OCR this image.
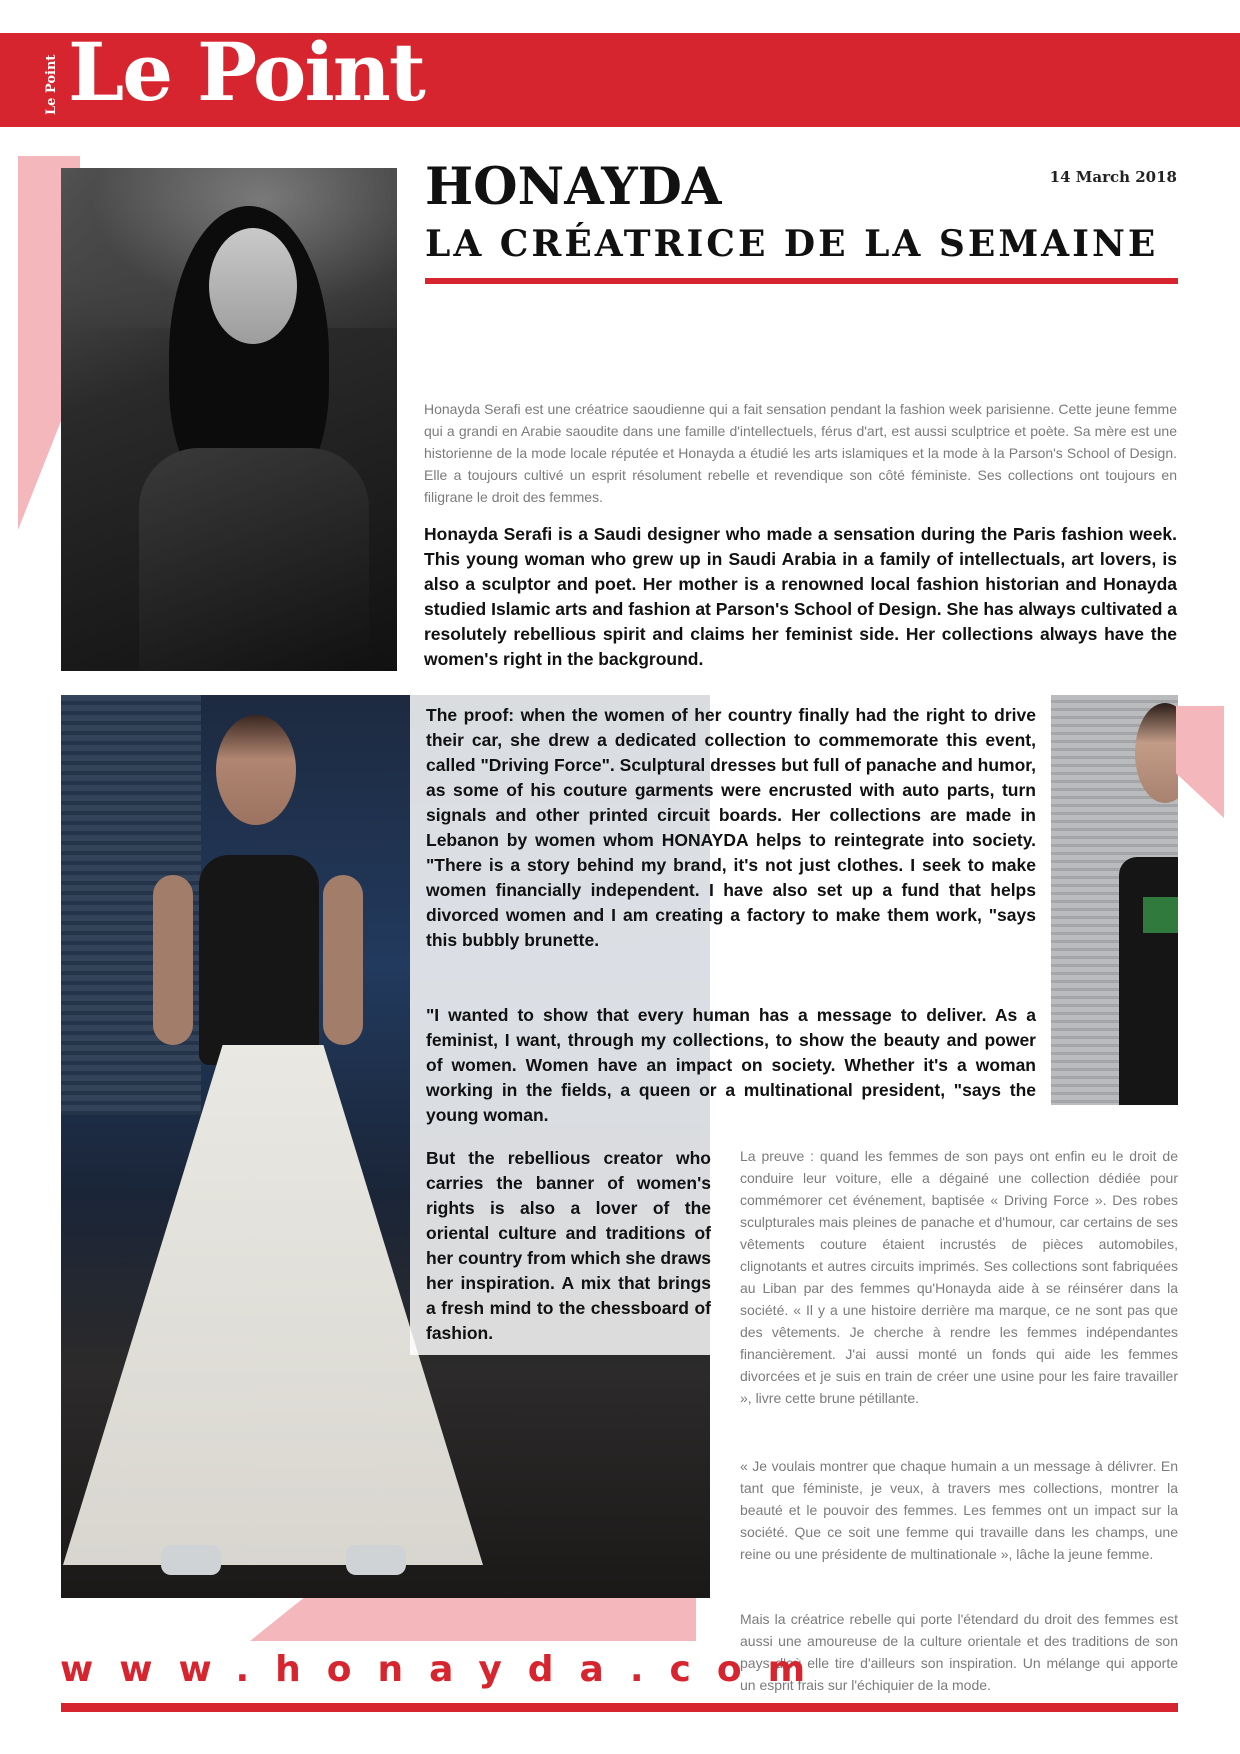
Le Point Le Point
HONAYDA
LA CRÉATRICE DE LA SEMAINE
14 March 2018

Honayda Serafi est une créatrice saoudienne qui a fait sensation pendant la fashion week parisienne. Cette jeune femme qui a grandi en Arabie saoudite dans une famille d'intellectuels, férus d'art, est aussi sculptrice et poète. Sa mère est une historienne de la mode locale réputée et Honayda a étudié les arts islamiques et la mode à la Parson's School of Design. Elle a toujours cultivé un esprit résolument rebelle et revendique son côté féministe. Ses collections ont toujours en filigrane le droit des femmes.

Honayda Serafi is a Saudi designer who made a sensation during the Paris fashion week. This young woman who grew up in Saudi Arabia in a family of intellectuals, art lovers, is also a sculptor and poet. Her mother is a renowned local fashion historian and Honayda studied Islamic arts and fashion at Parson's School of Design. She has always cultivated a resolutely rebellious spirit and claims her feminist side. Her collections always have the women's right in the background.

The proof: when the women of her country finally had the right to drive their car, she drew a dedicated collection to commemorate this event, called "Driving Force". Sculptural dresses but full of panache and humor, as some of his couture garments were encrusted with auto parts, turn signals and other printed circuit boards. Her collections are made in Lebanon by women whom HONAYDA helps to reintegrate into society. "There is a story behind my brand, it's not just clothes. I seek to make women financially independent. I have also set up a fund that helps divorced women and I am creating a factory to make them work, "says this bubbly brunette.

"I wanted to show that every human has a message to deliver. As a feminist, I want, through my collections, to show the beauty and power of women. Women have an impact on society. Whether it's a woman working in the fields, a queen or a multinational president, "says the young woman.

But the rebellious creator who carries the banner of women's rights is also a lover of the oriental culture and traditions of her country from which she draws her inspiration. A mix that brings a fresh mind to the chessboard of fashion.

La preuve : quand les femmes de son pays ont enfin eu le droit de conduire leur voiture, elle a dégainé une collection dédiée pour commémorer cet événement, baptisée « Driving Force ». Des robes sculpturales mais pleines de panache et d'humour, car certains de ses vêtements couture étaient incrustés de pièces automobiles, clignotants et autres circuits imprimés. Ses collections sont fabriquées au Liban par des femmes qu'Honayda aide à se réinsérer dans la société. « Il y a une histoire derrière ma marque, ce ne sont pas que des vêtements. Je cherche à rendre les femmes indépendantes financièrement. J'ai aussi monté un fonds qui aide les femmes divorcées et je suis en train de créer une usine pour les faire travailler », livre cette brune pétillante.

« Je voulais montrer que chaque humain a un message à délivrer. En tant que féministe, je veux, à travers mes collections, montrer la beauté et le pouvoir des femmes. Les femmes ont un impact sur la société. Que ce soit une femme qui travaille dans les champs, une reine ou une présidente de multinationale », lâche la jeune femme.

Mais la créatrice rebelle qui porte l'étendard du droit des femmes est aussi une amoureuse de la culture orientale et des traditions de son pays d'où elle tire d'ailleurs son inspiration. Un mélange qui apporte un esprit frais sur l'échiquier de la mode.

www.honayda.com
